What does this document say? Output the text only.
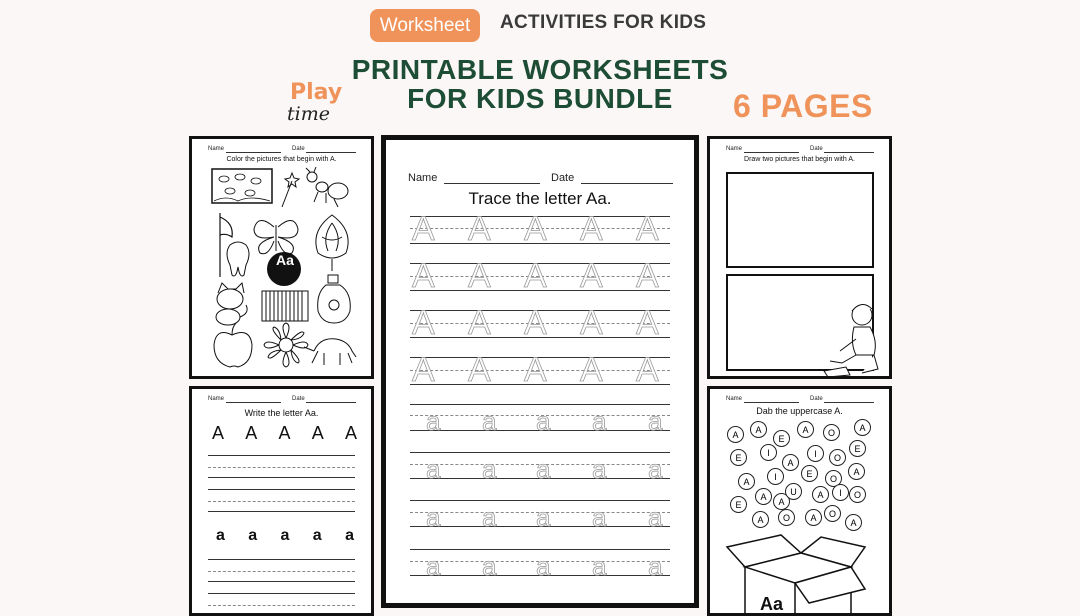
Worksheet	ACTIVITIES FOR KIDS
PRINTABLE WORKSHEETS
FOR KIDS BUNDLE	6 PAGES
Play
time
Name	Date
Color the pictures that begin with A.
Aa
Name	Date
Trace the letter Aa.
A A A A A
A A A A A
A A A A A
A A A A A
a a a a a
a a a a a
a a a a a
a a a a a
Name	Date
Draw two pictures that begin with A.
Name	Date
Write the letter Aa.
A A A A A
a a a a a
Name	Date
Dab the uppercase A.
A	A
E
A	O	A
E	I
A
I	O
E
A	I	E	O
A
A	I
A
U	A	O
E
A	A
O	O
A
Aa
